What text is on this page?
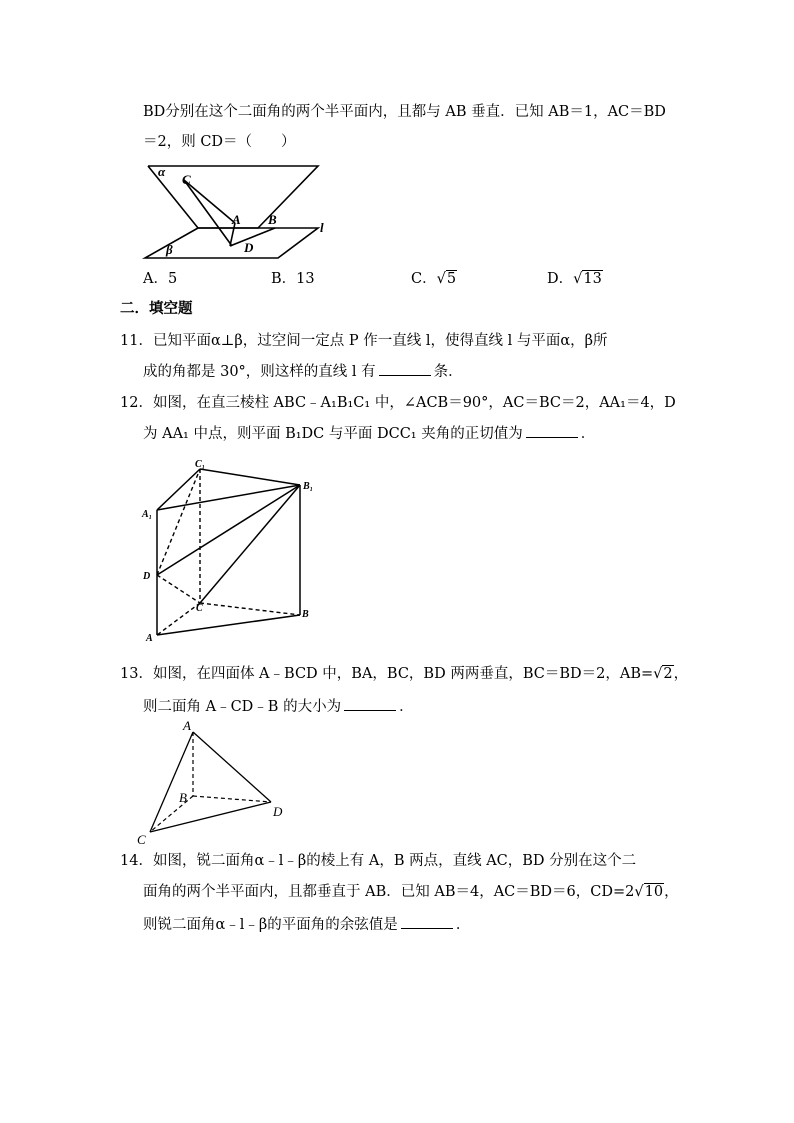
BD分别在这个二面角的两个半平面内，且都与 AB 垂直．已知 AB＝1，AC＝BD
＝2，则 CD＝（　　）
α
C
A B
l
β	D
A．5	B．13	C．√5	D．√13
二．填空题
11．已知平面α⊥β，过空间一定点 P 作一直线 l，使得直线 l 与平面α，β所
成的角都是 30°，则这样的直线 l 有	条．
12．如图，在直三棱柱 ABC﹣A₁B₁C₁ 中，∠ACB＝90°，AC＝BC＝2，AA₁＝4，D
为 AA₁ 中点，则平面 B₁DC 与平面 DCC₁ 夹角的正切值为	．
C₁
B₁
A₁
D
C
B
A
13．如图，在四面体 A﹣BCD 中，BA，BC，BD 两两垂直，BC＝BD＝2，AB=√2，
则二面角 A﹣CD﹣B 的大小为	．
A
B
C
D
14．如图，锐二面角α﹣l﹣β的棱上有 A，B 两点，直线 AC，BD 分别在这个二
面角的两个半平面内，且都垂直于 AB．已知 AB＝4，AC＝BD＝6，CD=2√10，
则锐二面角α﹣l﹣β的平面角的余弦值是	．
